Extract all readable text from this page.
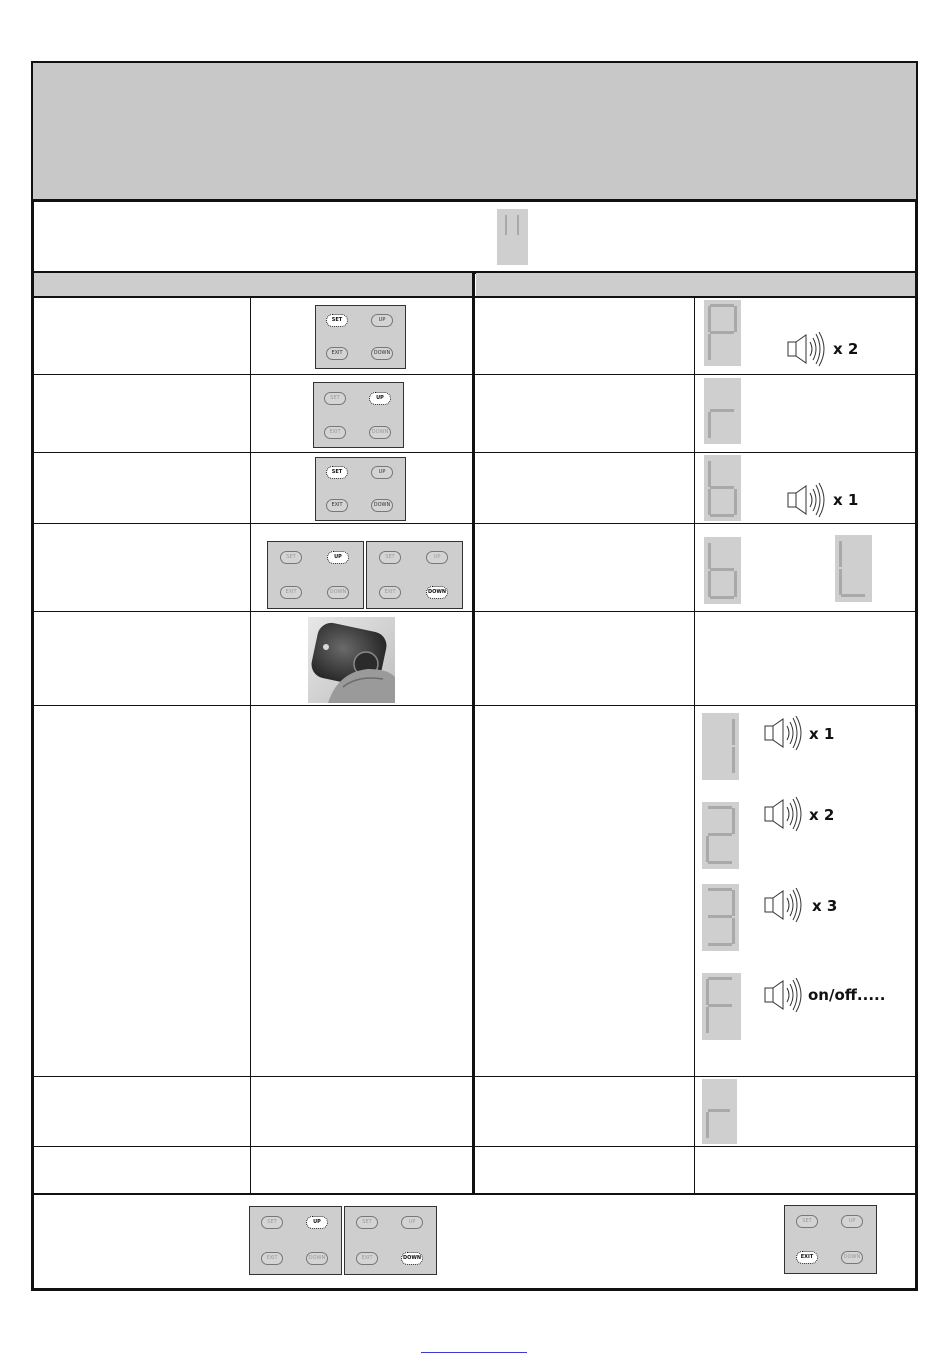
SET	UP
EXIT	DOWN	x 2
SET	UP
EXIT	DOWN
SET	UP
EXIT	DOWN	x 1
SET	UP
EXIT	DOWN
SET	UP
EXIT	DOWN
x 1
x 2
x 3
on/off.....
SET	UP
EXIT	DOWN
SET	UP
EXIT	DOWN
SET	UP
EXIT	DOWN
